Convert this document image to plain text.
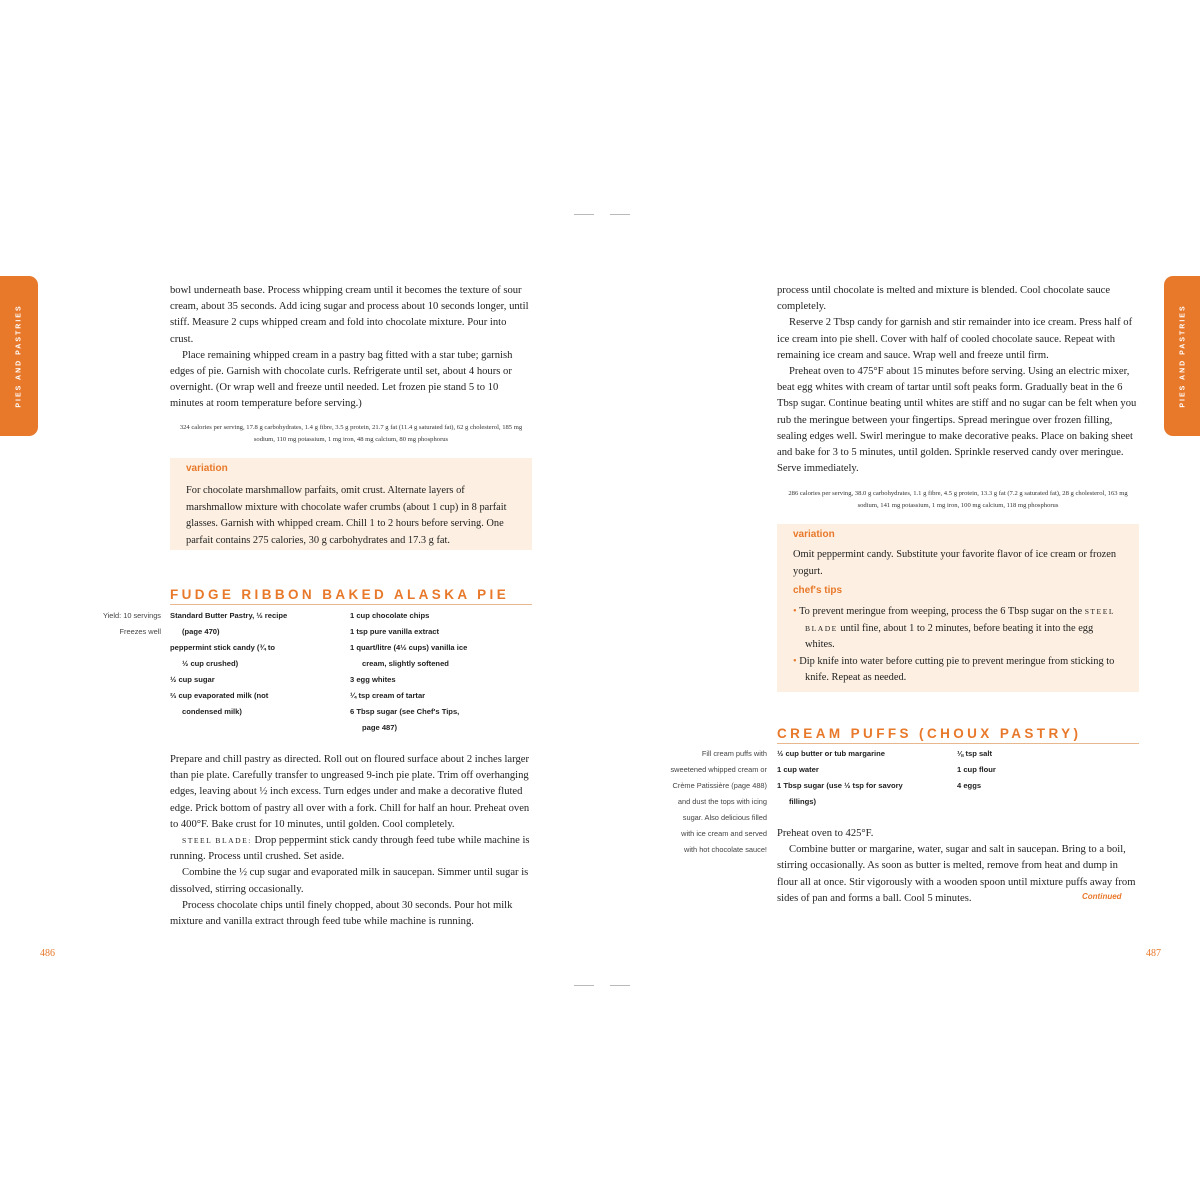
PIES AND PASTRIES	PIES AND PASTRIES

bowl underneath base. Process whipping cream until it becomes the texture of sour cream, about 35 seconds. Add icing sugar and process about 10 seconds longer, until stiff. Measure 2 cups whipped cream and fold into chocolate mixture. Pour into crust.

Place remaining whipped cream in a pastry bag fitted with a star tube; garnish edges of pie. Garnish with chocolate curls. Refrigerate until set, about 4 hours or overnight. (Or wrap well and freeze until needed. Let frozen pie stand 5 to 10 minutes at room temperature before serving.)

324 calories per serving, 17.8 g carbohydrates, 1.4 g fibre, 3.5 g protein, 21.7 g fat (11.4 g saturated fat), 62 g cholesterol, 185 mg sodium, 110 mg potassium, 1 mg iron, 48 mg calcium, 80 mg phosphorus
variation
For chocolate marshmallow parfaits, omit crust. Alternate layers of marshmallow mixture with chocolate wafer crumbs (about 1 cup) in 8 parfait glasses. Garnish with whipped cream. Chill 1 to 2 hours before serving. One parfait contains 275 calories, 30 g carbohydrates and 17.3 g fat.
FUDGE RIBBON BAKED ALASKA PIE
Yield: 10 servings
Freezes well
Standard Butter Pastry, ½ recipe
(page 470)
peppermint stick candy (¾ to
½ cup crushed)
½ cup sugar
⅔ cup evaporated milk (not
condensed milk)
1 cup chocolate chips
1 tsp pure vanilla extract
1 quart/litre (4½ cups) vanilla ice
cream, slightly softened
3 egg whites
¼ tsp cream of tartar
6 Tbsp sugar (see Chef's Tips,
page 487)

Prepare and chill pastry as directed. Roll out on floured surface about 2 inches larger than pie plate. Carefully transfer to ungreased 9-inch pie plate. Trim off overhanging edges, leaving about ½ inch excess. Turn edges under and make a decorative fluted edge. Prick bottom of pastry all over with a fork. Chill for half an hour. Preheat oven to 400°F. Bake crust for 10 minutes, until golden. Cool completely.

STEEL BLADE: Drop peppermint stick candy through feed tube while machine is running. Process until crushed. Set aside.

Combine the ½ cup sugar and evaporated milk in saucepan. Simmer until sugar is dissolved, stirring occasionally.

Process chocolate chips until finely chopped, about 30 seconds. Pour hot milk mixture and vanilla extract through feed tube while machine is running.

486

process until chocolate is melted and mixture is blended. Cool chocolate sauce completely.

Reserve 2 Tbsp candy for garnish and stir remainder into ice cream. Press half of ice cream into pie shell. Cover with half of cooled chocolate sauce. Repeat with remaining ice cream and sauce. Wrap well and freeze until firm.

Preheat oven to 475°F about 15 minutes before serving. Using an electric mixer, beat egg whites with cream of tartar until soft peaks form. Gradually beat in the 6 Tbsp sugar. Continue beating until whites are stiff and no sugar can be felt when you rub the meringue between your fingertips. Spread meringue over frozen filling, sealing edges well. Swirl meringue to make decorative peaks. Place on baking sheet and bake for 3 to 5 minutes, until golden. Sprinkle reserved candy over meringue. Serve immediately.

286 calories per serving, 38.0 g carbohydrates, 1.1 g fibre, 4.5 g protein, 13.3 g fat (7.2 g saturated fat), 28 g cholesterol, 163 mg sodium, 141 mg potassium, 1 mg iron, 100 mg calcium, 118 mg phosphorus
variation
Omit peppermint candy. Substitute your favorite flavor of ice cream or frozen yogurt.
chef's tips
• To prevent meringue from weeping, process the 6 Tbsp sugar on the STEEL BLADE until fine, about 1 to 2 minutes, before beating it into the egg whites.
• Dip knife into water before cutting pie to prevent meringue from sticking to knife. Repeat as needed.
CREAM PUFFS (CHOUX PASTRY)
Fill cream puffs with sweetened whipped cream or Crème Patissière (page 488) and dust the tops with icing sugar. Also delicious filled with ice cream and served with hot chocolate sauce!
½ cup butter or tub margarine
1 cup water
1 Tbsp sugar (use ½ tsp for savory
fillings)
⅛ tsp salt
1 cup flour
4 eggs

Preheat oven to 425°F.

Combine butter or margarine, water, sugar and salt in saucepan. Bring to a boil, stirring occasionally. As soon as butter is melted, remove from heat and dump in flour all at once. Stir vigorously with a wooden spoon until mixture puffs away from sides of pan and forms a ball. Cool 5 minutes.	Continued
487
